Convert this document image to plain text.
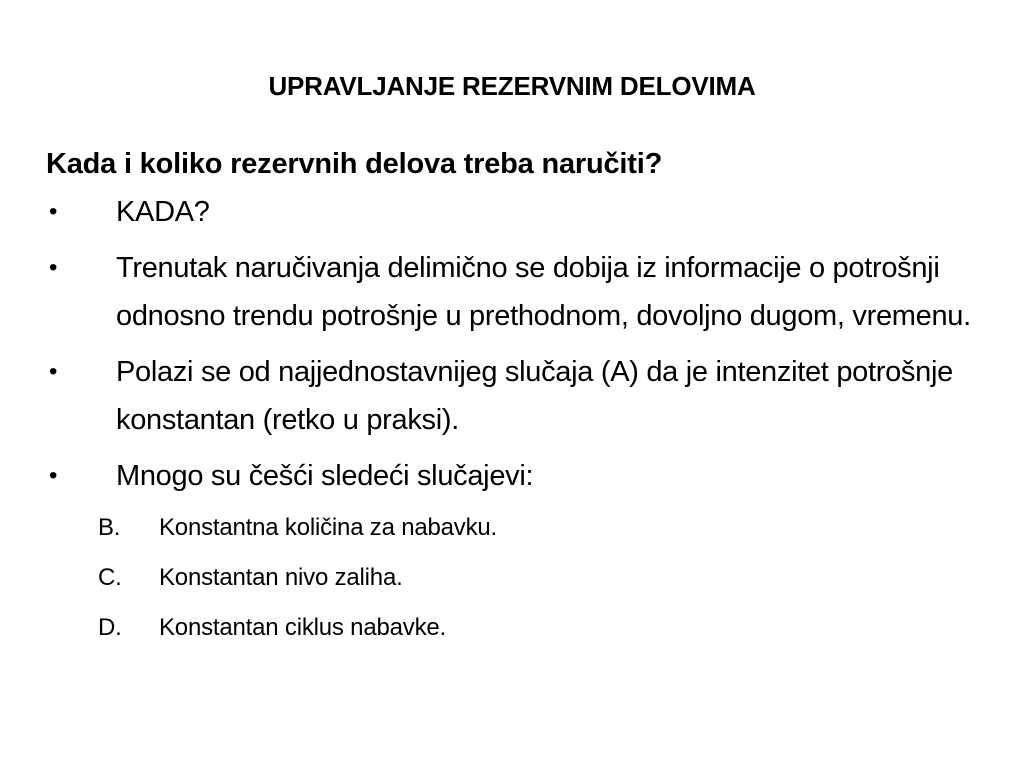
UPRAVLJANJE REZERVNIM DELOVIMA
Kada i koliko rezervnih delova treba naručiti?
• KADA?
• Trenutak naručivanja delimično se dobija iz informacije o potrošnji odnosno trendu potrošnje u prethodnom, dovoljno dugom, vremenu.
• Polazi se od najjednostavnijeg slučaja (A) da je intenzitet potrošnje konstantan (retko u praksi).
• Mnogo su češći sledeći slučajevi:
B. Konstantna količina za nabavku.
C. Konstantan nivo zaliha.
D. Konstantan ciklus nabavke.
